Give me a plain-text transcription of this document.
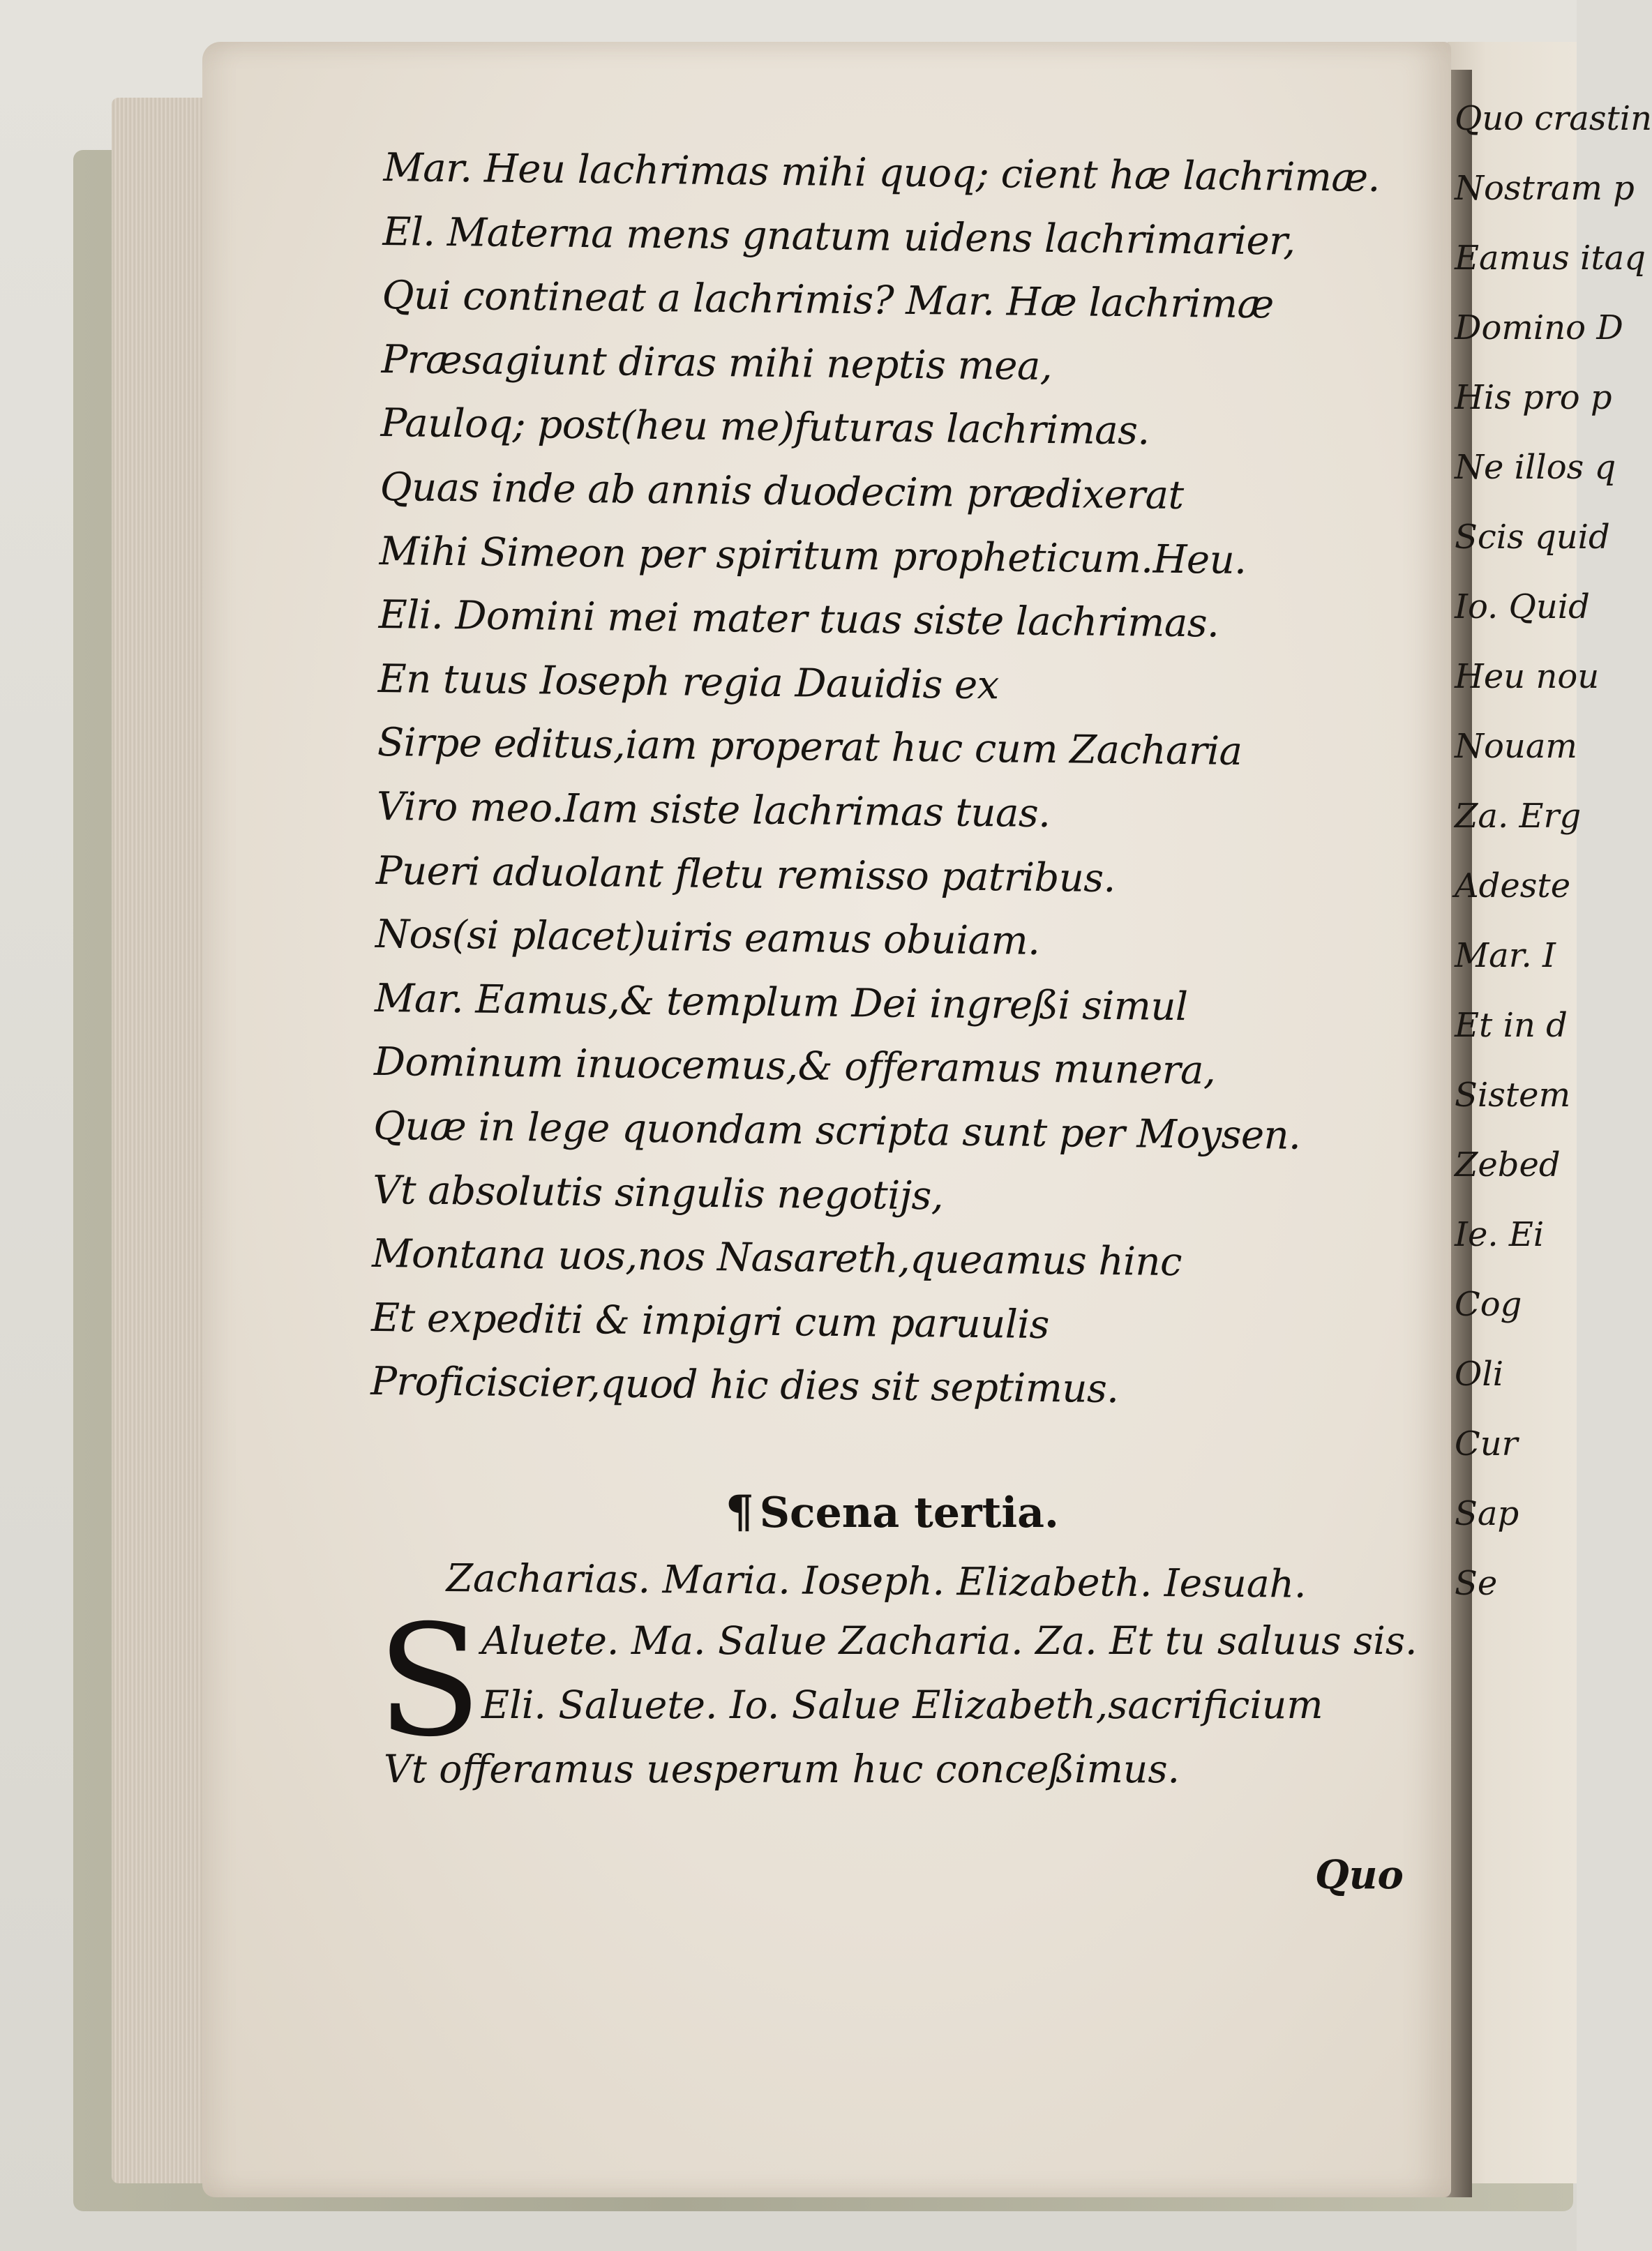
Mar. Heu lachrimas mihi quoq; cient hæ lachrimæ.
El. Materna mens gnatum uidens lachrimarier,
Qui contineat a lachrimis? Mar. Hæ lachrimæ
Præsagiunt diras mihi neptis mea,
Pauloq; post(heu me)futuras lachrimas.
Quas inde ab annis duodecim prædixerat
Mihi Simeon per spiritum propheticum.Heu.
Eli. Domini mei mater tuas siste lachrimas.
En tuus Ioseph regia Dauidis ex
Sirpe editus,iam properat huc cum Zacharia
Viro meo.Iam siste lachrimas tuas.
Pueri aduolant fletu remisso patribus.
Nos(si placet)uiris eamus obuiam.
Mar. Eamus,& templum Dei ingreßi simul
Dominum inuocemus,& offeramus munera,
Quæ in lege quondam scripta sunt per Moysen.
Vt absolutis singulis negotijs,
Montana uos,nos Nasareth,queamus hinc
Et expediti & impigri cum paruulis
Proficiscier,quod hic dies sit septimus.
¶ Scena tertia.
Zacharias. Maria. Ioseph. Elizabeth. Iesuah.
S Aluete. Ma. Salue Zacharia. Za. Et tu saluus sis.
Eli. Saluete. Io. Salue Elizabeth,sacrificium
Vt offeramus uesperum huc conceßimus.
Quo
Quo crastin
Nostram p
Eamus itaq
Domino D
His pro p
Ne illos q
Scis quid
Io. Quid
Heu nou
Nouam
Za. Erg
Adeste
Mar. I
Et in d
Sistem
Zebed
Ie. Ei
Cog
Oli
Cur
Sap
Se
